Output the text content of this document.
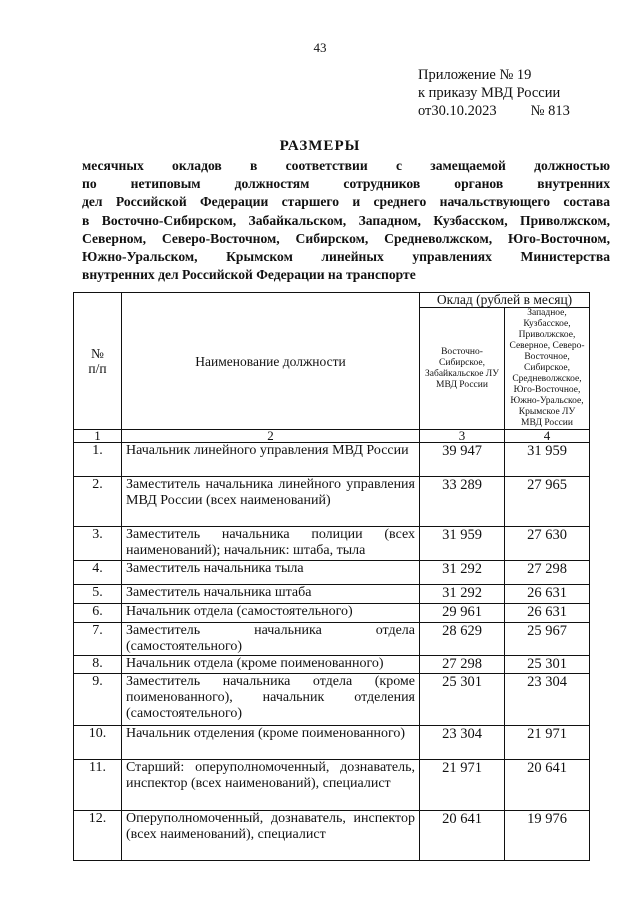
43
Приложение № 19
к приказу МВД России
от30.10.2023 № 813
РАЗМЕРЫ
месячных окладов в соответствии с замещаемой должностью
по нетиповым должностям сотрудников органов внутренних
дел Российской Федерации старшего и среднего начальствующего состава
в Восточно-Сибирском, Забайкальском, Западном, Кузбасском, Приволжском,
Северном, Северо-Восточном, Сибирском, Средневолжском, Юго-Восточном,
Южно-Уральском, Крымском линейных управлениях Министерства
внутренних дел Российской Федерации на транспорте
№
п/п	Наименование должности	Оклад (рублей в месяц)	
		Восточно-Сибирское, Забайкальское ЛУ МВД России	Западное, Кузбасское, Приволжское, Северное, Северо-Восточное, Сибирское, Средневолжское, Юго-Восточное, Южно-Уральское, Крымское ЛУ МВД России
1	2	3	4
1.	Начальник линейного управления МВД России	39 947	31 959
2.	Заместитель начальника линейного управления МВД России (всех наименований)	33 289	27 965
3.	Заместитель начальника полиции (всех наименований); начальник: штаба, тыла	31 959	27 630
4.	Заместитель начальника тыла	31 292	27 298
5.	Заместитель начальника штаба	31 292	26 631
6.	Начальник отдела (самостоятельного)	29 961	26 631
7.	Заместитель начальника отдела (самостоятельного)	28 629	25 967
8.	Начальник отдела (кроме поименованного)	27 298	25 301
9.	Заместитель начальника отдела (кроме поименованного), начальник отделения (самостоятельного)	25 301	23 304
10.	Начальник отделения (кроме поименованного)	23 304	21 971
11.	Старший: оперуполномоченный, дознаватель, инспектор (всех наименований), специалист	21 971	20 641
12.	Оперуполномоченный, дознаватель, инспектор (всех наименований), специалист	20 641	19 976
